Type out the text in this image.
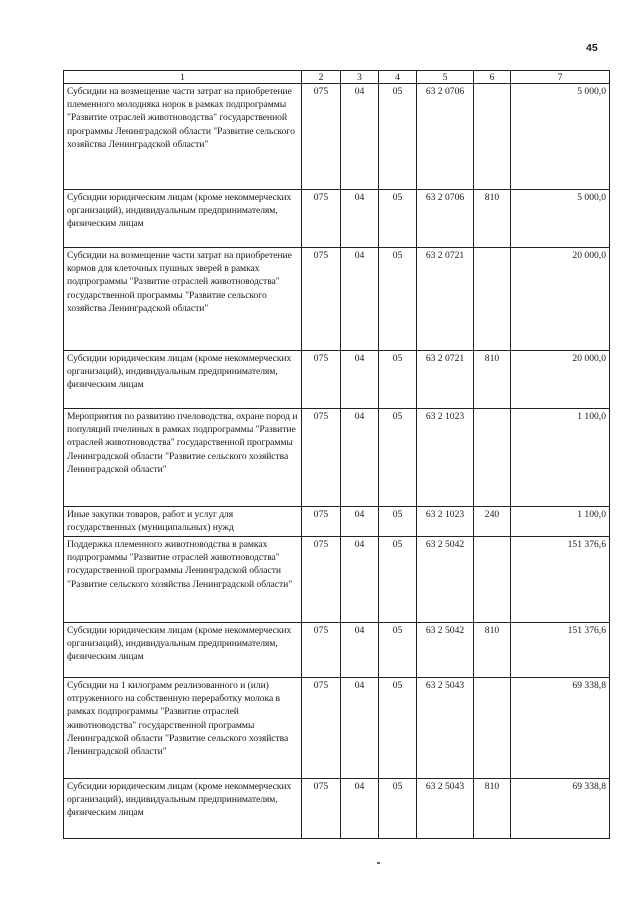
45
1	2	3	4	5	6	7
Субсидии на возмещение части затрат на приобретение племенного молодняка норок в рамках подпрограммы "Развитие отраслей животноводства" государственной программы Ленинградской области "Развитие сельского хозяйства Ленинградской области"	075	04	05	63 2 0706		5 000,0
Субсидии юридическим лицам (кроме некоммерческих организаций), индивидуальным предпринимателям, физическим лицам	075	04	05	63 2 0706	810	5 000,0
Субсидии на возмещение части затрат на приобретение кормов для клеточных пушных зверей в рамках подпрограммы "Развитие отраслей животноводства" государственной программы "Развитие сельского хозяйства Ленинградской области"	075	04	05	63 2 0721		20 000,0
Субсидии юридическим лицам (кроме некоммерческих организаций), индивидуальным предпринимателям, физическим лицам	075	04	05	63 2 0721	810	20 000,0
Мероприятия по развитию пчеловодства, охране пород и популяций пчелиных в рамках подпрограммы "Развитие отраслей животноводства" государственной программы Ленинградской области "Развитие сельского хозяйства Ленинградской области"	075	04	05	63 2 1023		1 100,0
Иные закупки товаров, работ и услуг для государственных (муниципальных) нужд	075	04	05	63 2 1023	240	1 100,0
Поддержка племенного животноводства в рамках подпрограммы "Развитие отраслей животноводства" государственной программы Ленинградской области "Развитие сельского хозяйства Ленинградской области"	075	04	05	63 2 5042		151 376,6
Субсидии юридическим лицам (кроме некоммерческих организаций), индивидуальным предпринимателям, физическим лицам	075	04	05	63 2 5042	810	151 376,6
Субсидии на 1 килограмм реализованного и (или) отгруженного на собственную переработку молока в рамках подпрограммы "Развитие отраслей животноводства" государственной программы Ленинградской области "Развитие сельского хозяйства Ленинградской области"	075	04	05	63 2 5043		69 338,8
Субсидии юридическим лицам (кроме некоммерческих организаций), индивидуальным предпринимателям, физическим лицам	075	04	05	63 2 5043	810	69 338,8
